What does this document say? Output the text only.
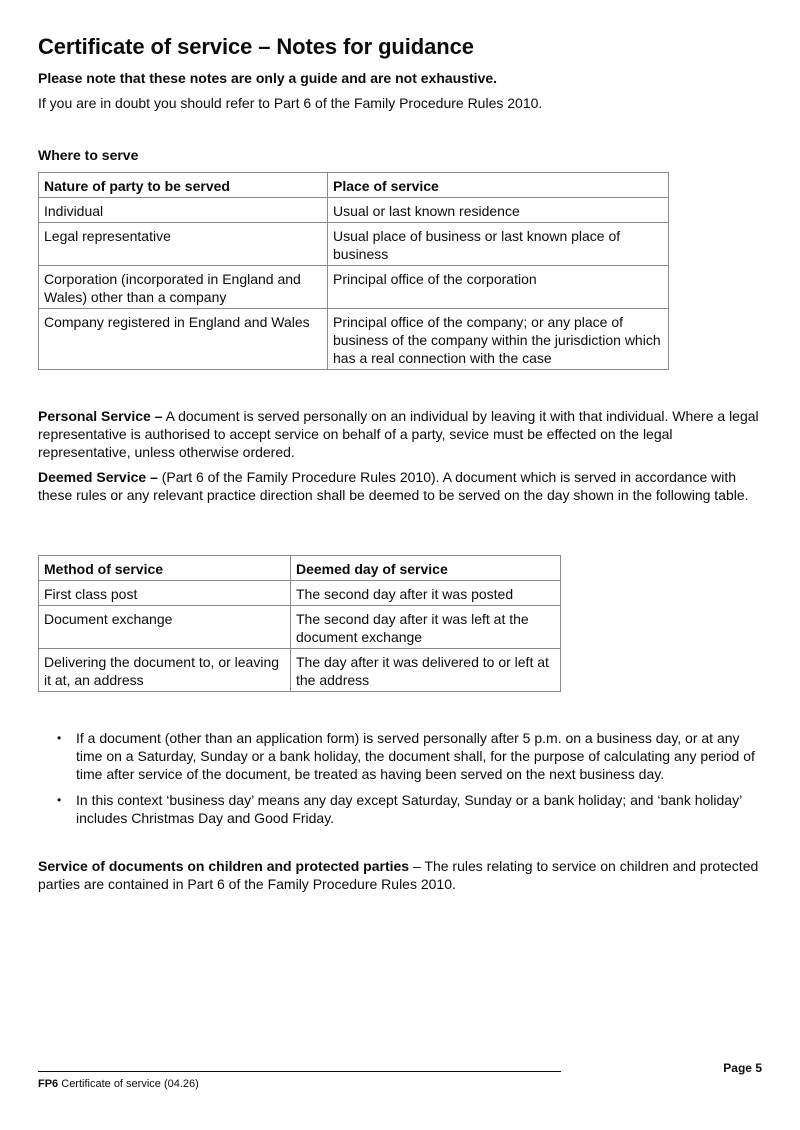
Certificate of service – Notes for guidance

Please note that these notes are only a guide and are not exhaustive.

If you are in doubt you should refer to Part 6 of the Family Procedure Rules 2010.

Where to serve

Nature of party to be served	Place of service
Individual	Usual or last known residence
Legal representative	Usual place of business or last known place of business
Corporation (incorporated in England and Wales) other than a company	Principal office of the corporation
Company registered in England and Wales	Principal office of the company; or any place of business of the company within the jurisdiction which has a real connection with the case

Personal Service – A document is served personally on an individual by leaving it with that individual. Where a legal representative is authorised to accept service on behalf of a party, sevice must be effected on the legal representative, unless otherwise ordered.

Deemed Service – (Part 6 of the Family Procedure Rules 2010). A document which is served in accordance with these rules or any relevant practice direction shall be deemed to be served on the day shown in the following table.

Method of service	Deemed day of service
First class post	The second day after it was posted
Document exchange	The second day after it was left at the document exchange
Delivering the document to, or leaving it at, an address	The day after it was delivered to or left at the address
• If a document (other than an application form) is served personally after 5 p.m. on a business day, or at any time on a Saturday, Sunday or a bank holiday, the document shall, for the purpose of calculating any period of time after service of the document, be treated as having been served on the next business day.
• In this context ‘business day’ means any day except Saturday, Sunday or a bank holiday; and ‘bank holiday’ includes Christmas Day and Good Friday.

Service of documents on children and protected parties – The rules relating to service on children and protected parties are contained in Part 6 of the Family Procedure Rules 2010.

FP6 Certificate of service (04.26)
Page 5
